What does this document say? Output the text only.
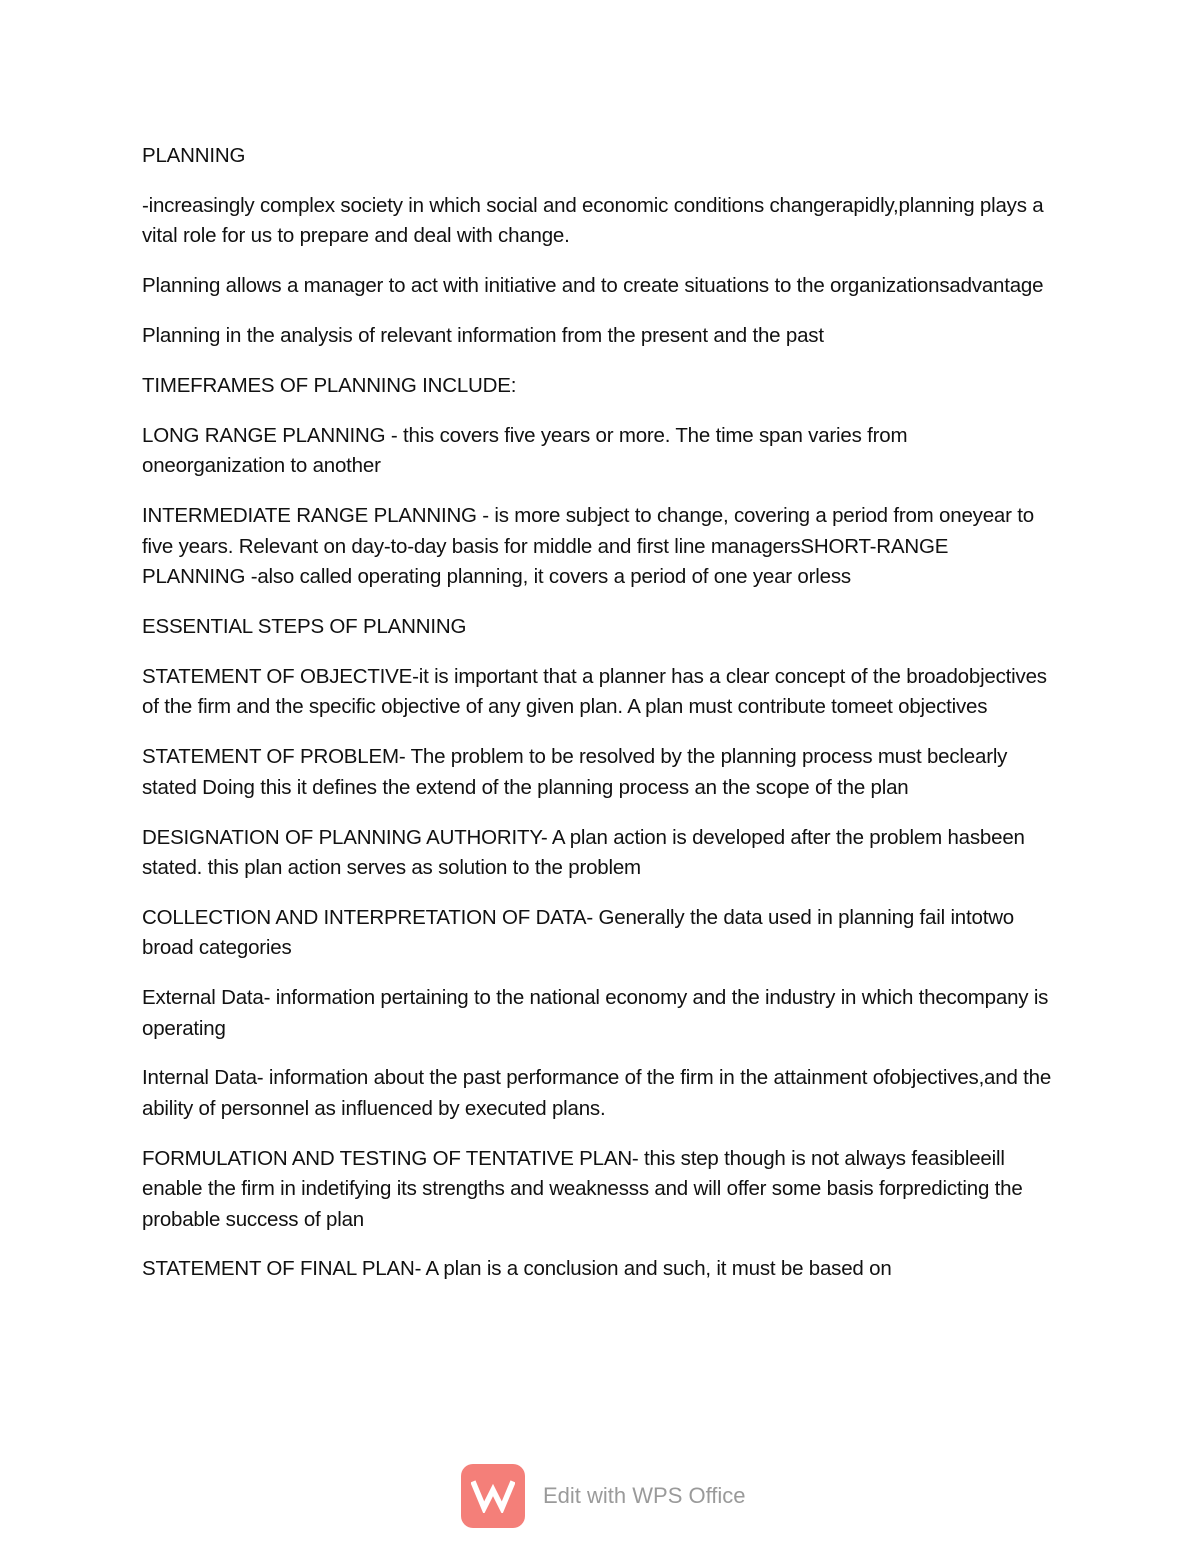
PLANNING

-increasingly complex society in which social and economic conditions changerapidly,planning plays a vital role for us to prepare and deal with change.

Planning allows a manager to act with initiative and to create situations to the organizationsadvantage

Planning in the analysis of relevant information from the present and the past

TIMEFRAMES OF PLANNING INCLUDE:

LONG RANGE PLANNING - this covers five years or more. The time span varies from oneorganization to another

INTERMEDIATE RANGE PLANNING - is more subject to change, covering a period from oneyear to five years. Relevant on day-to-day basis for middle and first line managersSHORT-RANGE PLANNING -also called operating planning, it covers a period of one year orless

ESSENTIAL STEPS OF PLANNING

STATEMENT OF OBJECTIVE-it is important that a planner has a clear concept of the broadobjectives of the firm and the specific objective of any given plan. A plan must contribute tomeet objectives

STATEMENT OF PROBLEM- The problem to be resolved by the planning process must beclearly stated Doing this it defines the extend of the planning process an the scope of the plan

DESIGNATION OF PLANNING AUTHORITY- A plan action is developed after the problem hasbeen stated. this plan action serves as solution to the problem

COLLECTION AND INTERPRETATION OF DATA- Generally the data used in planning fail intotwo broad categories

External Data- information pertaining to the national economy and the industry in which thecompany is operating

Internal Data- information about the past performance of the firm in the attainment ofobjectives,and the ability of personnel as influenced by executed plans.

FORMULATION AND TESTING OF TENTATIVE PLAN- this step though is not always feasibleeill enable the firm in indetifying its strengths and weaknesss and will offer some basis forpredicting the probable success of plan

STATEMENT OF FINAL PLAN- A plan is a conclusion and such, it must be based on

Edit with WPS Office
